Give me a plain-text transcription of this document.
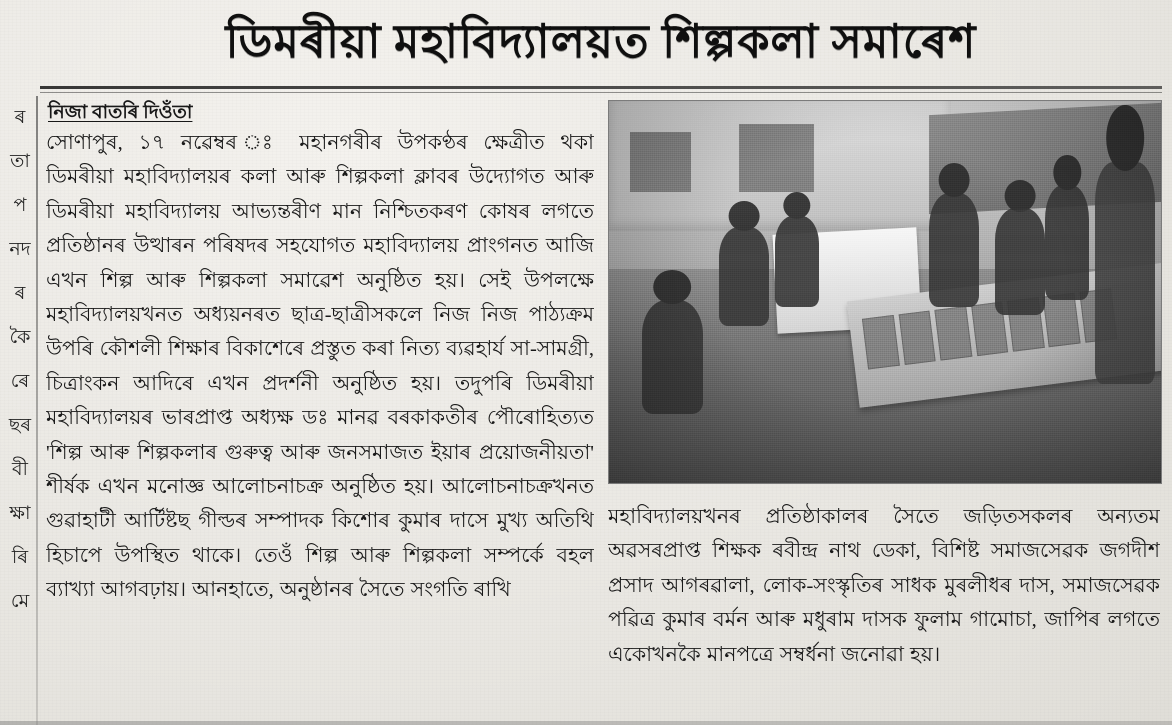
ৰ
তা
প
নদ
ৰ
কৈ
ৰে
ছৰ
বী
ক্ষা
ৰি
মে
ডিমৰীয়া মহাবিদ্যালয়ত শিল্পকলা সমাৰেশ
নিজা বাতৰি দিওঁতা

সোণাপুৰ, ১৭ নৱেম্বৰ ঃ মহানগৰীৰ উপকণ্ঠৰ ক্ষেত্ৰীত থকা ডিমৰীয়া মহাবিদ্যালয়ৰ কলা আৰু শিল্পকলা ক্লাবৰ উদ্যোগত আৰু ডিমৰীয়া মহাবিদ্যালয় আভ্যন্তৰীণ মান নিশ্চিতকৰণ কোষৰ লগতে প্ৰতিষ্ঠানৰ উত্থাৰন পৰিষদৰ সহযোগত মহাবিদ্যালয় প্ৰাংগনত আজি এখন শিল্প আৰু শিল্পকলা সমাৱেশ অনুষ্ঠিত হয়। সেই উপলক্ষে মহাবিদ্যালয়খনত অধ্যয়নৰত ছাত্ৰ-ছাত্ৰীসকলে নিজ নিজ পাঠ্যক্ৰম উপৰি কৌশলী শিক্ষাৰ বিকাশেৰে প্ৰস্তুত কৰা নিত্য ব্যৱহাৰ্য সা-সামগ্ৰী, চিত্ৰাংকন আদিৰে এখন প্ৰদৰ্শনী অনুষ্ঠিত হয়। তদুপৰি ডিমৰীয়া মহাবিদ্যালয়ৰ ভাৰপ্ৰাপ্ত অধ্যক্ষ ডঃ মানৱ বৰকাকতীৰ পৌৰোহিত্যত 'শিল্প আৰু শিল্পকলাৰ গুৰুত্ব আৰু জনসমাজত ইয়াৰ প্ৰয়োজনীয়তা' শীৰ্ষক এখন মনোজ্ঞ আলোচনাচক্ৰ অনুষ্ঠিত হয়। আলোচনাচক্ৰখনত গুৱাহাটী আৰ্টিষ্টছ গীল্ডৰ সম্পাদক কিশোৰ কুমাৰ দাসে মুখ্য অতিথি হিচাপে উপস্থিত থাকে। তেওঁ শিল্প আৰু শিল্পকলা সম্পৰ্কে বহল ব্যাখ্যা আগবঢ়ায়। আনহাতে, অনুষ্ঠানৰ সৈতে সংগতি ৰাখি

মহাবিদ্যালয়খনৰ প্ৰতিষ্ঠাকালৰ সৈতে জড়িতসকলৰ অন্যতম অৱসৰপ্ৰাপ্ত শিক্ষক ৰবীন্দ্ৰ নাথ ডেকা, বিশিষ্ট সমাজসেৱক জগদীশ প্ৰসাদ আগৰৱালা, লোক-সংস্কৃতিৰ সাধক মুৰলীধৰ দাস, সমাজসেৱক পৱিত্ৰ কুমাৰ বৰ্মন আৰু মধুৰাম দাসক ফুলাম গামোচা, জাপিৰ লগতে একোখনকৈ মানপত্ৰে সম্বৰ্ধনা জনোৱা হয়।
